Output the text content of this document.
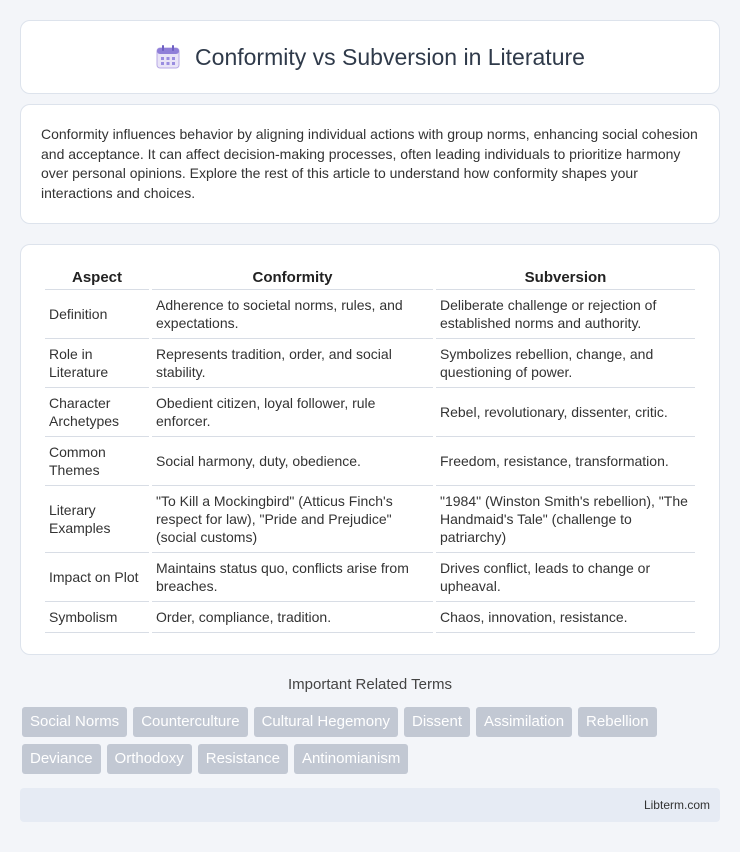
Conformity vs Subversion in Literature

Conformity influences behavior by aligning individual actions with group norms, enhancing social cohesion and acceptance. It can affect decision-making processes, often leading individuals to prioritize harmony over personal opinions. Explore the rest of this article to understand how conformity shapes your interactions and choices.

Aspect	Conformity	Subversion
Definition	Adherence to societal norms, rules, and expectations.	Deliberate challenge or rejection of established norms and authority.
Role in Literature	Represents tradition, order, and social stability.	Symbolizes rebellion, change, and questioning of power.
Character Archetypes	Obedient citizen, loyal follower, rule enforcer.	Rebel, revolutionary, dissenter, critic.
Common Themes	Social harmony, duty, obedience.	Freedom, resistance, transformation.
Literary Examples	"To Kill a Mockingbird" (Atticus Finch's respect for law), "Pride and Prejudice" (social customs)	"1984" (Winston Smith's rebellion), "The Handmaid's Tale" (challenge to patriarchy)
Impact on Plot	Maintains status quo, conflicts arise from breaches.	Drives conflict, leads to change or upheaval.
Symbolism	Order, compliance, tradition.	Chaos, innovation, resistance.
Important Related Terms
Social Norms	Counterculture	Cultural Hegemony	Dissent	Assimilation	Rebellion
Deviance	Orthodoxy	Resistance	Antinomianism
Libterm.com
